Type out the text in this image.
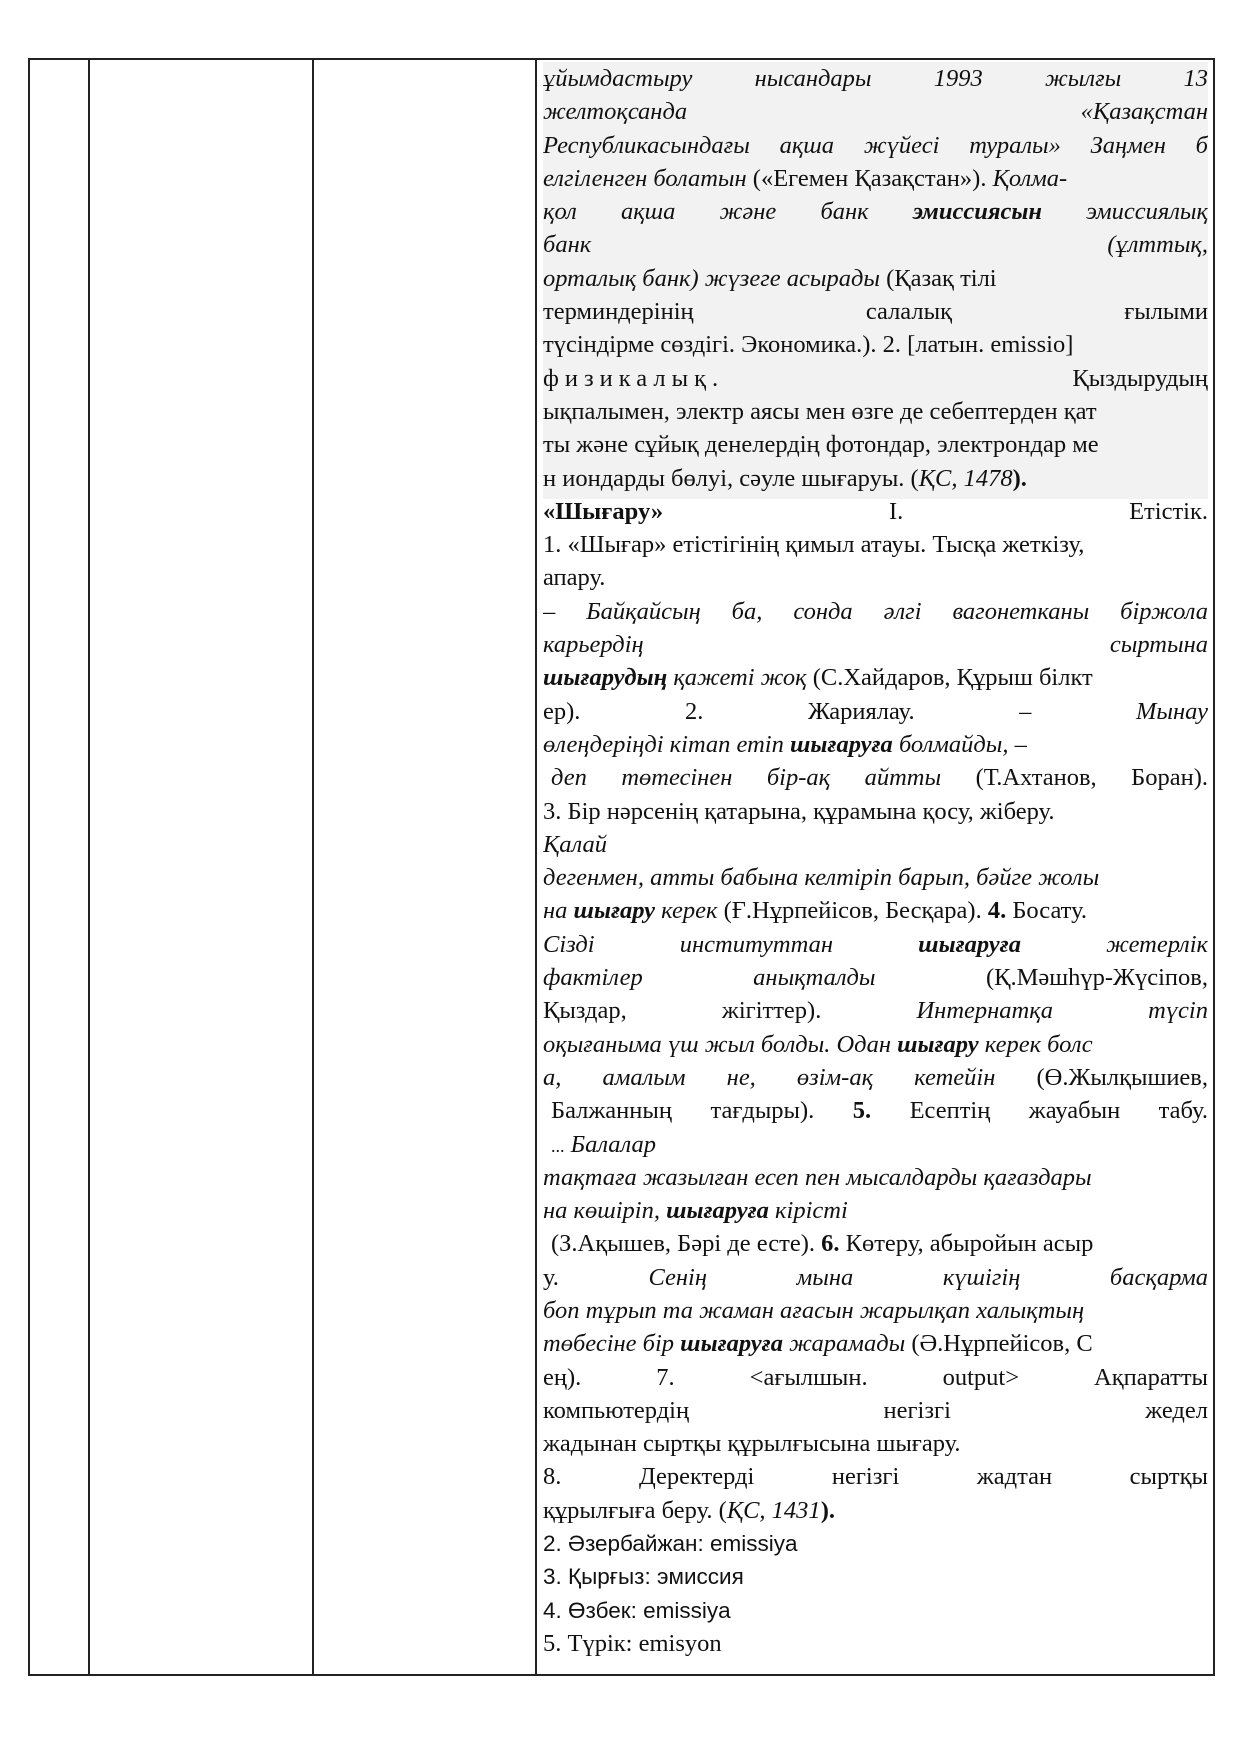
ұйымдастыру нысандары 1993 жылғы 13
желтоқсанда «Қазақстан
Республикасындағы ақша жүйесі туралы» Заңмен б
елгіленген болатын («Егемен Қазақстан»). Қолма-
қол ақша және банк эмиссиясын эмиссиялық
банк (ұлттық,
орталық банк) жүзеге асырады (Қазақ тілі
терминдерінің салалық ғылыми
түсіндірме сөздігі. Экономика.). 2. [латын. emissio]
физикалық. Қыздырудың
ықпалымен, электр аясы мен өзге де себептерден қат
ты және сұйық денелердің фотондар, электрондар ме
н иондарды бөлуі, сәуле шығаруы. (ҚС, 1478).
«Шығару» I. Етістік.
1. «Шығар» етістігінің қимыл атауы. Тысқа жеткізу,
апару.
– Байқайсың ба, сонда әлгі вагонетканы біржола
карьердің сыртына
шығарудың қажеті жоқ (С.Хайдаров, Құрыш білкт
ер). 2. Жариялау. – Мынау
өлеңдеріңді кітап етіп шығаруға болмайды, –
деп төтесінен бір-ақ айтты (Т.Ахтанов, Боран).
3. Бір нәрсенің қатарына, құрамына қосу, жіберу.
Қалай
дегенмен, атты бабына келтіріп барып, бәйге жолы
на шығару керек (Ғ.Нұрпейісов, Бесқара). 4. Босату.
Сізді институттан шығаруға жетерлік
фактілер анықталды (Қ.Мәшһүр-Жүсіпов,
Қыздар, жігіттер). Интернатқа түсіп
оқығаныма үш жыл болды. Одан шығару керек болс
а, амалым не, өзім-ақ кетейін (Ө.Жылқышиев,
Балжанның тағдыры). 5. Есептің жауабын табу.
... Балалар
тақтаға жазылған есеп пен мысалдарды қағаздары
на көшіріп, шығаруға кірісті
(З.Ақышев, Бәрі де есте). 6. Көтеру, абыройын асыр
у. Сенің мына күшігің басқарма
боп тұрып та жаман ағасын жарылқап халықтың
төбесіне бір шығаруға жарамады (Ә.Нұрпейісов, С
ең). 7. <ағылшын. output> Ақпаратты
компьютердің негізгі жедел
жадынан сыртқы құрылғысына шығару.
8. Деректерді негізгі жадтан сыртқы
құрылғыға беру. (ҚС, 1431).
2. Әзербайжан: emissiya
3. Қырғыз: эмиссия
4. Өзбек: emissiya
5. Түрік: emisyon
